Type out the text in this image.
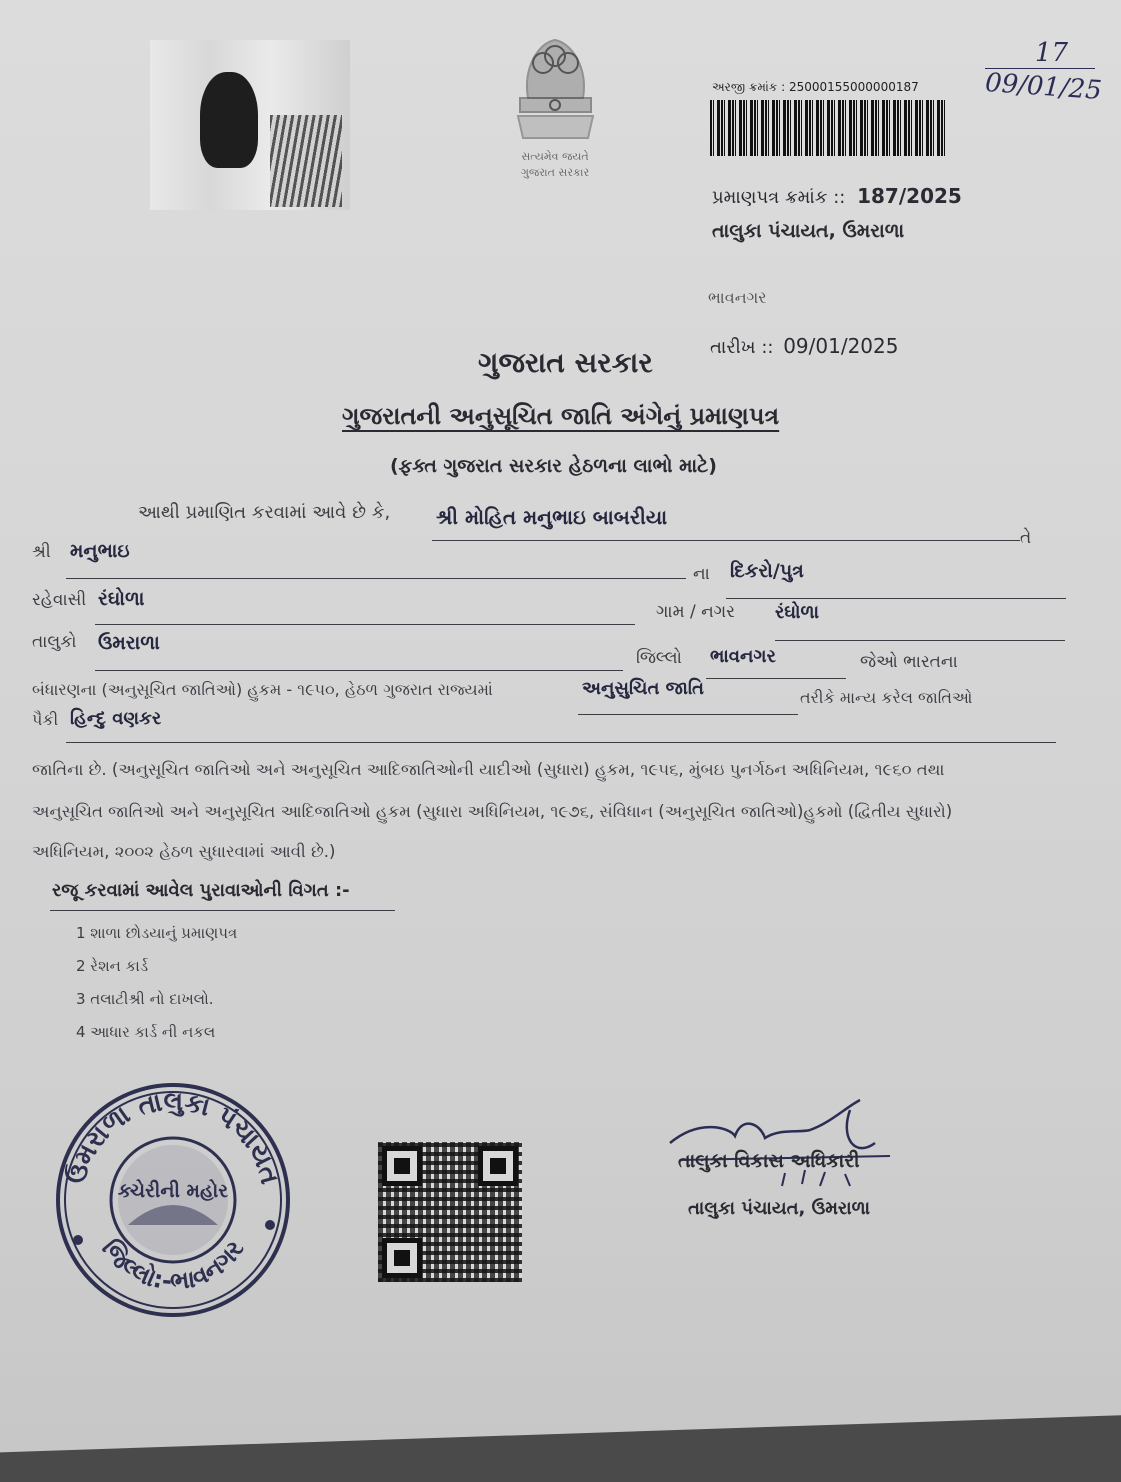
સત્યમેવ જયતે
ગુજરાત સરકાર
અરજી ક્રમાંક : 25000155000000187
17
09/01/25
પ્રમાણપત્ર ક્રમાંક :: 187/2025
તાલુકા પંચાયત, ઉમરાળા
ભાવનગર
તારીખ :: 09/01/2025
ગુજરાત સરકાર
ગુજરાતની અનુસૂચિત જાતિ અંગેનું પ્રમાણપત્ર
(ફક્ત ગુજરાત સરકાર હેઠળના લાભો માટે)
આથી પ્રમાણિત કરવામાં આવે છે કે, શ્રી મોહિત મનુભાઇ બાબરીયા
તે
શ્રી મનુભાઇ
ના દિકરો/પુત્ર
રહેવાસી રંઘોળા
ગામ / નગર રંઘોળા
તાલુકો ઉમરાળા
જિલ્લો ભાવનગર	જેઓ ભારતના
બંધારણના (અનુસૂચિત જાતિઓ) હુકમ - ૧૯૫૦, હેઠળ ગુજરાત રાજ્યમાં	અનુસુચિત જાતિ	તરીકે માન્ય કરેલ જાતિઓ
પૈકી હિન્દુ વણકર
જાતિના છે. (અનુસૂચિત જાતિઓ અને અનુસૂચિત આદિજાતિઓની યાદીઓ (સુધારા) હુકમ, ૧૯૫૬, મુંબઇ પુનર્ગઠન અધિનિયમ, ૧૯૬૦ તથા
અનુસૂચિત જાતિઓ અને અનુસૂચિત આદિજાતિઓ હુકમ (સુધારા અધિનિયમ, ૧૯૭૬, સંવિધાન (અનુસૂચિત જાતિઓ)હુકમો (દ્વિતીય સુધારો)
અધિનિયમ, ૨૦૦૨ હેઠળ સુધારવામાં આવી છે.)
રજૂ કરવામાં આવેલ પુરાવાઓની વિગત :-
1 શાળા છોડયાનું પ્રમાણપત્ર
2 રેશન કાર્ડ
3 તલાટીશ્રી નો દાખલો.
4 આધાર કાર્ડ ની નકલ
ઉમરાળા તાલુકા પંચાયત
જિલ્લો:-ભાવનગર
ક્ચેરીની મહોર
તાલુકા વિકાસ અધિકારી
તાલુકા પંચાયત, ઉમરાળા
